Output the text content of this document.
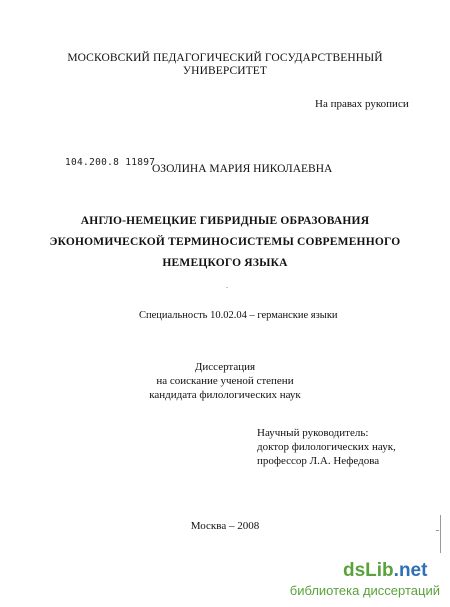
МОСКОВСКИЙ ПЕДАГОГИЧЕСКИЙ ГОСУДАРСТВЕННЫЙ
УНИВЕРСИТЕТ
На правах рукописи
104.200.8 11897
ОЗОЛИНА МАРИЯ НИКОЛАЕВНА
АНГЛО-НЕМЕЦКИЕ ГИБРИДНЫЕ ОБРАЗОВАНИЯ
ЭКОНОМИЧЕСКОЙ ТЕРМИНОСИСТЕМЫ СОВРЕМЕННОГО
НЕМЕЦКОГО ЯЗЫКА
.
Специальность 10.02.04 – германские языки
Диссертация
на соискание ученой степени
кандидата филологических наук
Научный руководитель:
доктор филологических наук,
профессор Л.А. Нефедова
Москва – 2008
dsLib.net
библиотека диссертаций
